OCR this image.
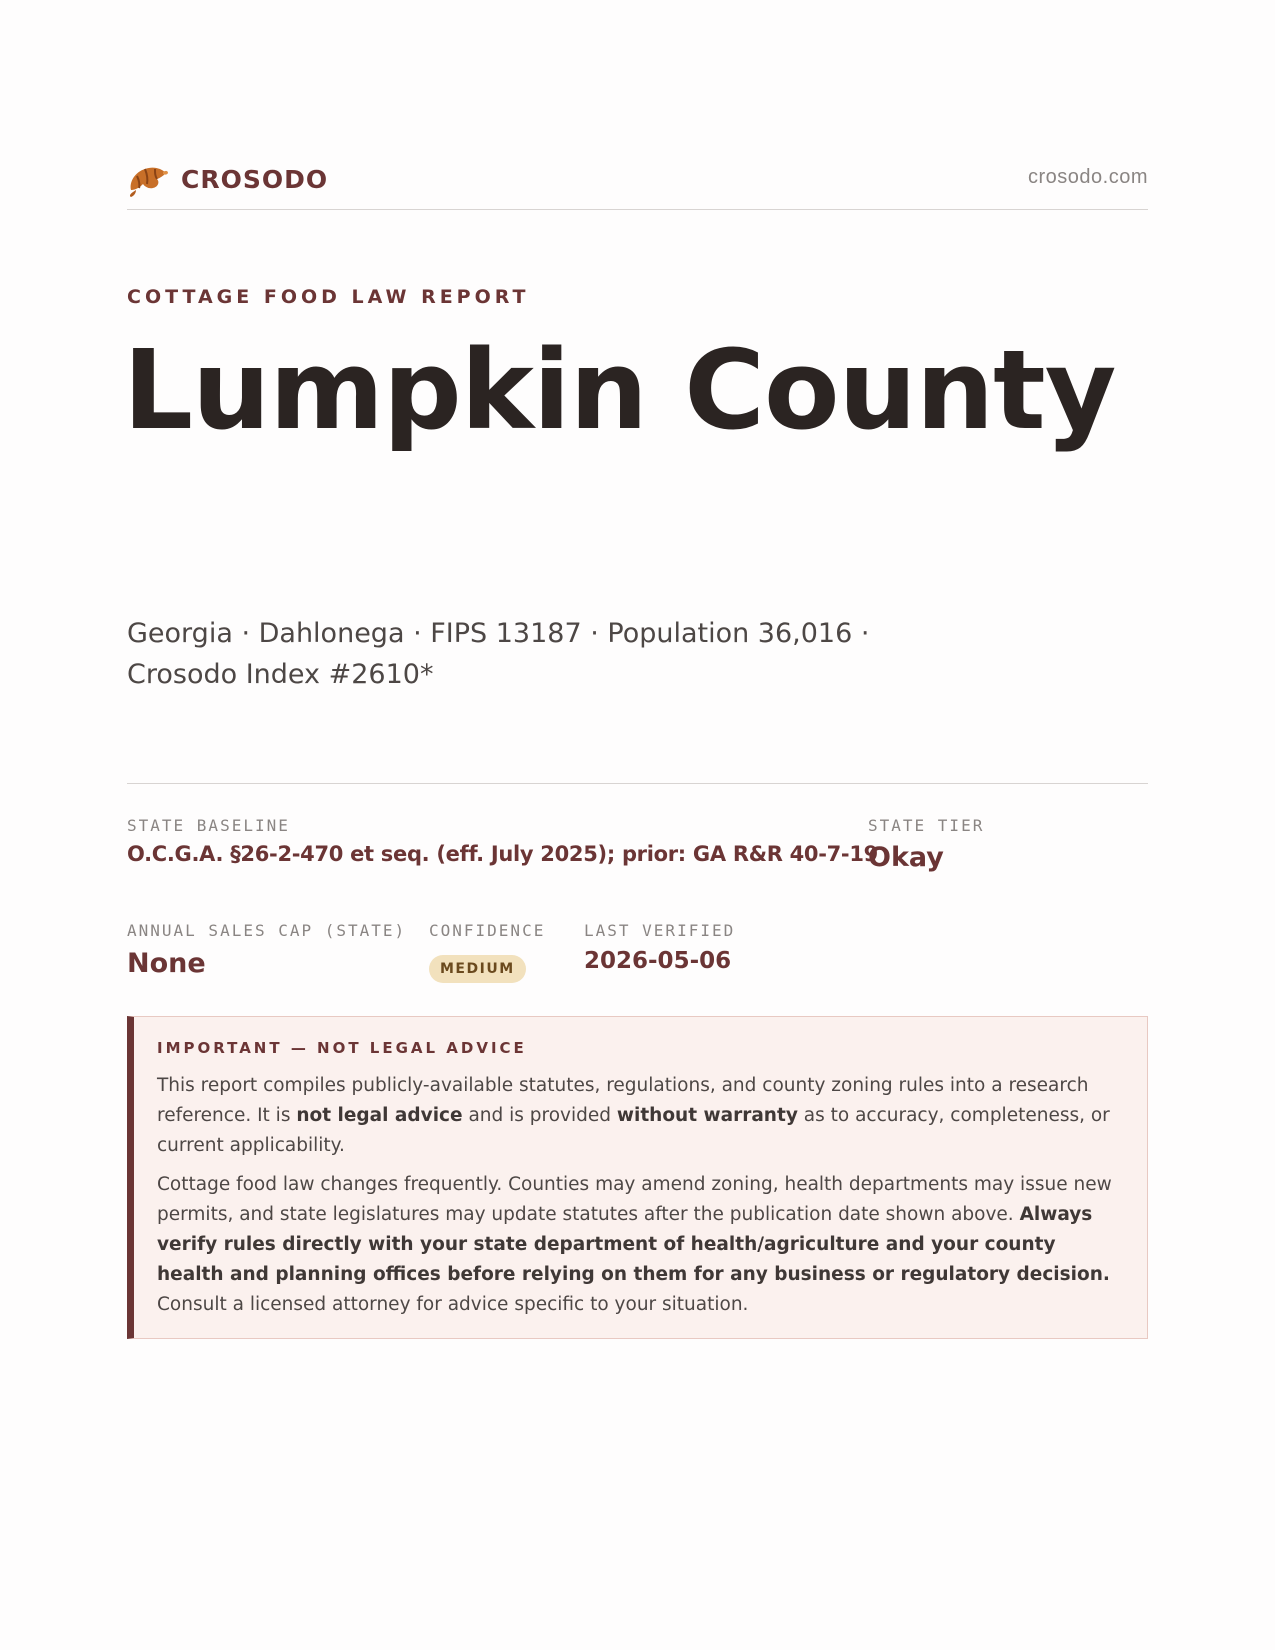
CROSODO	crosodo.com
COTTAGE FOOD LAW REPORT
Lumpkin County

Georgia · Dahlonega · FIPS 13187 · Population 36,016 · Crosodo Index #2610*

STATE BASELINE
O.C.G.A. §26-2-470 et seq. (eff. July 2025); prior: GA R&R 40-7-19
STATE TIER
Okay
ANNUAL SALES CAP (STATE)
None
CONFIDENCE
MEDIUM
LAST VERIFIED
2026-05-06
IMPORTANT — NOT LEGAL ADVICE

This report compiles publicly-available statutes, regulations, and county zoning rules into a research reference. It is not legal advice and is provided without warranty as to accuracy, completeness, or current applicability.

Cottage food law changes frequently. Counties may amend zoning, health departments may issue new permits, and state legislatures may update statutes after the publication date shown above. Always verify rules directly with your state department of health/agriculture and your county health and planning offices before relying on them for any business or regulatory decision. Consult a licensed attorney for advice specific to your situation.
